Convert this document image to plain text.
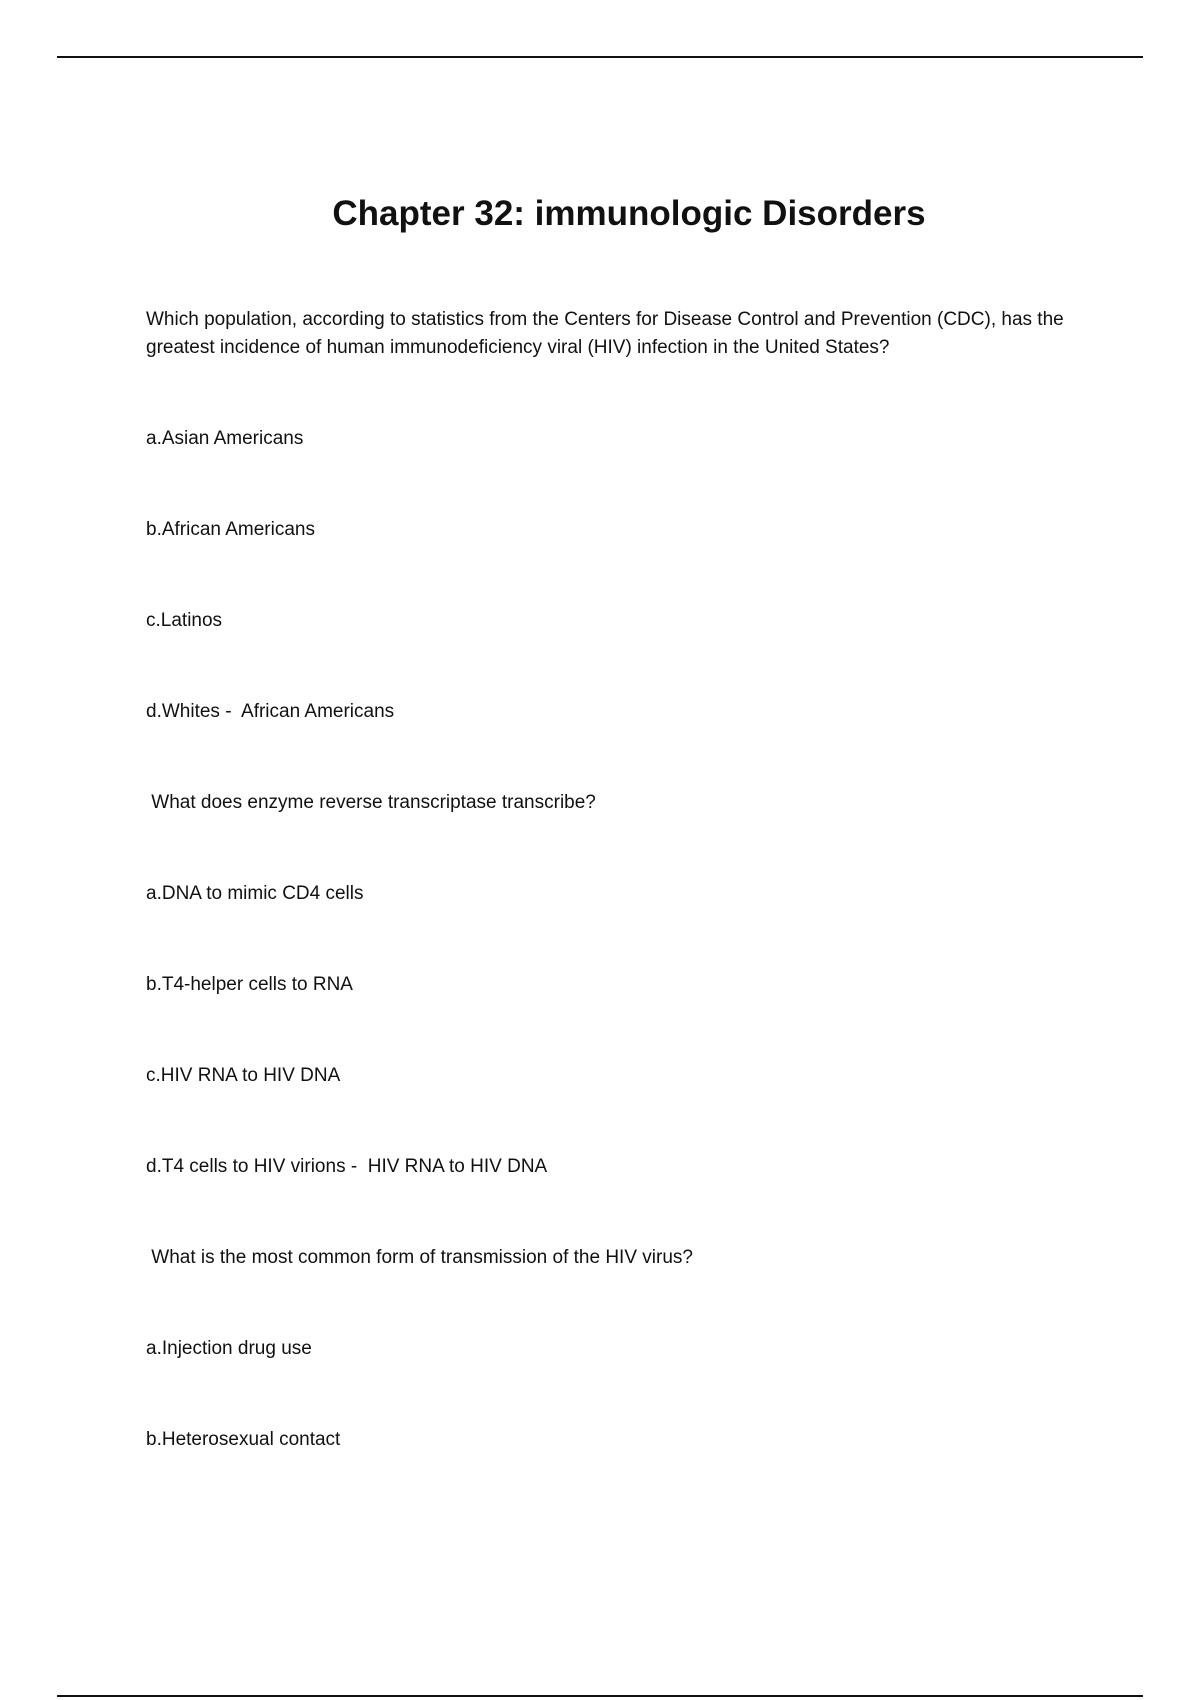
Chapter 32: immunologic Disorders

Which population, according to statistics from the Centers for Disease Control and Prevention (CDC), has the greatest incidence of human immunodeficiency viral (HIV) infection in the United States?

a.Asian Americans

b.African Americans

c.Latinos

d.Whites -  African Americans

What does enzyme reverse transcriptase transcribe?

a.DNA to mimic CD4 cells

b.T4-helper cells to RNA

c.HIV RNA to HIV DNA

d.T4 cells to HIV virions -  HIV RNA to HIV DNA

What is the most common form of transmission of the HIV virus?

a.Injection drug use

b.Heterosexual contact
